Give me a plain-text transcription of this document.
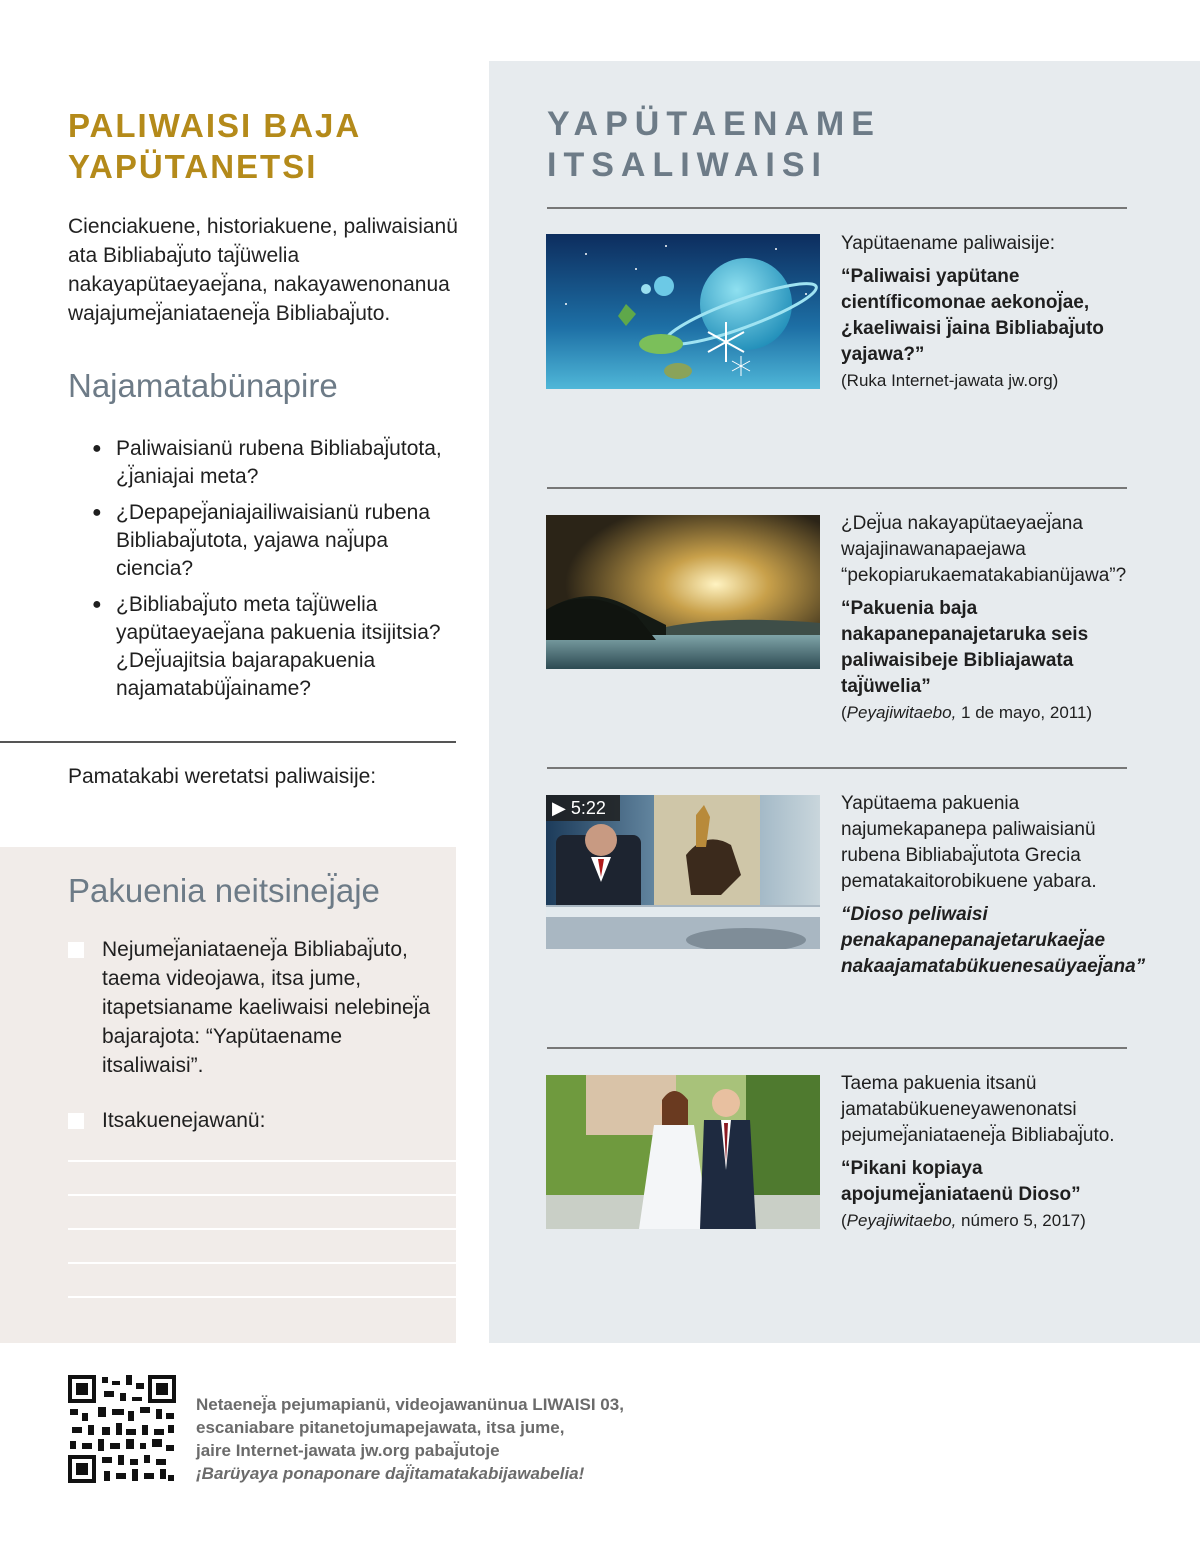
PALIWAISI BAJA YAPÜTANETSI

Cienciakuene, historiakuene, paliwaisianü ata Bibliabaj̈uto taj̈üwelia nakayapütaeyaej̈ana, nakayawenonanua wajajumej̈aniataenej̈a Bibliabaj̈uto.

Najamatabünapire
● Paliwaisianü rubena Bibliabaj̈utota, ¿j̈aniajai meta?
● ¿Depapej̈aniajailiwaisianü rubena Bibliabaj̈utota, yajawa naj̈upa ciencia?
● ¿Bibliabaj̈uto meta taj̈üwelia yapütaeyaej̈ana pakuenia itsijitsia? ¿Dej̈uajitsia bajarapakuenia najamatabüj̈ainame?

Pamatakabi weretatsi paliwaisije:

Pakuenia neitsinej̈aje

Nejumej̈aniataenej̈a Bibliabaj̈uto, taema videojawa, itsa jume, itapetsianame kaeliwaisi nelebinej̈a bajarajota: “Yapütaename itsaliwaisi”.

Itsakuenejawanü:

YAPÜTAENAME ITSALIWAISI

Yapütaename paliwaisije:

“Paliwaisi yapütane científicomonae aekonoj̈ae, ¿kaeliwaisi j̈aina Bibliabaj̈uto yajawa?”

(Ruka Internet-jawata jw.org)

¿Dej̈ua nakayapütaeyaej̈ana wajajinawanapaejawa “pekopiarukaematakabianüjawa”?

“Pakuenia baja nakapanepanajetaruka seis paliwaisibeje Bibliajawata taj̈üwelia”

(Peyajiwitaebo, 1 de mayo, 2011)

▶ 5:22	Yapütaema pakuenia najumekapanepa paliwaisianü rubena Bibliabaj̈utota Grecia pematakaitorobikuene yabara.

“Dioso peliwaisi penakapanepanajetarukaej̈ae nakaajamatabükuenesaüyaej̈ana”

Taema pakuenia itsanü jamatabükueneyawenonatsi pejumej̈aniataenej̈a Bibliabaj̈uto.

“Pikani kopiaya apojumej̈aniataenü Dioso” (Peyajiwitaebo, número 5, 2017)

Netaenej̈a pejumapianü, videojawanünua LIWAISI 03,
escaniabare pitanetojumapejawata, itsa jume,
jaire Internet-jawata jw.org pabaj̈utoje
¡Barüyaya ponaponare daj̈itamatakabijawabelia!
